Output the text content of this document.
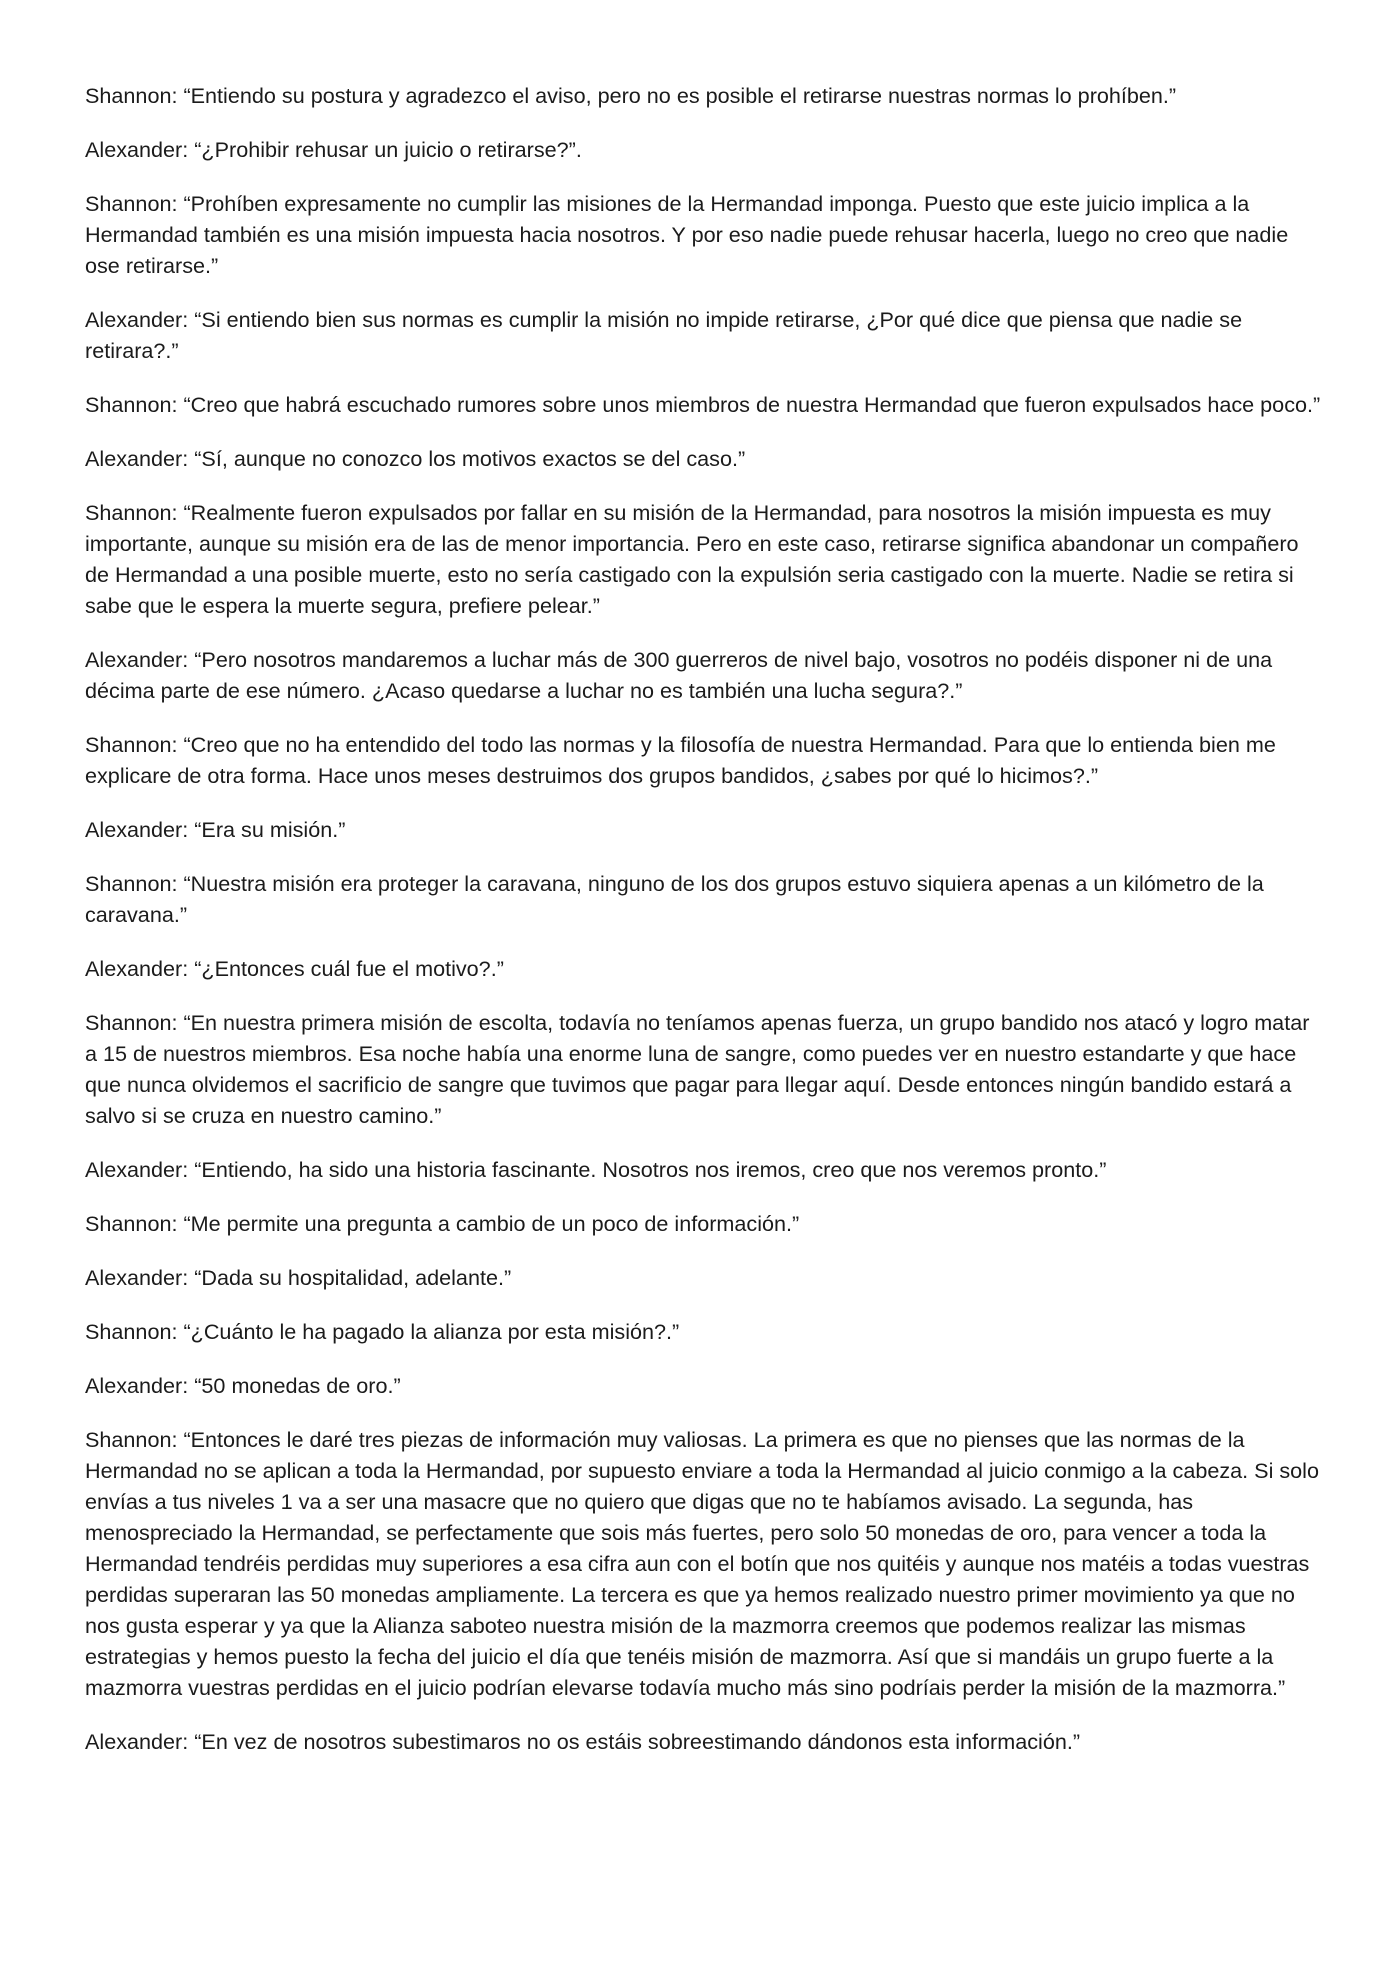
Shannon: “Entiendo su postura y agradezco el aviso, pero no es posible el retirarse nuestras normas lo prohíben.”

Alexander: “¿Prohibir rehusar un juicio o retirarse?”.

Shannon: “Prohíben expresamente no cumplir las misiones de la Hermandad imponga. Puesto que este juicio implica a la Hermandad también es una misión impuesta hacia nosotros. Y por eso nadie puede rehusar hacerla, luego no creo que nadie ose retirarse.”

Alexander: “Si entiendo bien sus normas es cumplir la misión no impide retirarse, ¿Por qué dice que piensa que nadie se retirara?.”

Shannon: “Creo que habrá escuchado rumores sobre unos miembros de nuestra Hermandad que fueron expulsados hace poco.”

Alexander: “Sí, aunque no conozco los motivos exactos se del caso.”

Shannon: “Realmente fueron expulsados por fallar en su misión de la Hermandad, para nosotros la misión impuesta es muy importante, aunque su misión era de las de menor importancia. Pero en este caso, retirarse significa abandonar un compañero de Hermandad a una posible muerte, esto no sería castigado con la expulsión seria castigado con la muerte. Nadie se retira si sabe que le espera la muerte segura, prefiere pelear.”

Alexander: “Pero nosotros mandaremos a luchar más de 300 guerreros de nivel bajo, vosotros no podéis disponer ni de una décima parte de ese número. ¿Acaso quedarse a luchar no es también una lucha segura?.”

Shannon: “Creo que no ha entendido del todo las normas y la filosofía de nuestra Hermandad. Para que lo entienda bien me explicare de otra forma. Hace unos meses destruimos dos grupos bandidos, ¿sabes por qué lo hicimos?.”

Alexander: “Era su misión.”

Shannon: “Nuestra misión era proteger la caravana, ninguno de los dos grupos estuvo siquiera apenas a un kilómetro de la caravana.”

Alexander: “¿Entonces cuál fue el motivo?.”

Shannon: “En nuestra primera misión de escolta, todavía no teníamos apenas fuerza, un grupo bandido nos atacó y logro matar a 15 de nuestros miembros. Esa noche había una enorme luna de sangre, como puedes ver en nuestro estandarte y que hace que nunca olvidemos el sacrificio de sangre que tuvimos que pagar para llegar aquí. Desde entonces ningún bandido estará a salvo si se cruza en nuestro camino.”

Alexander: “Entiendo, ha sido una historia fascinante. Nosotros nos iremos, creo que nos veremos pronto.”

Shannon: “Me permite una pregunta a cambio de un poco de información.”

Alexander: “Dada su hospitalidad, adelante.”

Shannon: “¿Cuánto le ha pagado la alianza por esta misión?.”

Alexander: “50 monedas de oro.”

Shannon: “Entonces le daré tres piezas de información muy valiosas. La primera es que no pienses que las normas de la Hermandad no se aplican a toda la Hermandad, por supuesto enviare a toda la Hermandad al juicio conmigo a la cabeza. Si solo envías a tus niveles 1 va a ser una masacre que no quiero que digas que no te habíamos avisado. La segunda, has menospreciado la Hermandad, se perfectamente que sois más fuertes, pero solo 50 monedas de oro, para vencer a toda la Hermandad tendréis perdidas muy superiores a esa cifra aun con el botín que nos quitéis y aunque nos matéis a todas vuestras perdidas superaran las 50 monedas ampliamente. La tercera es que ya hemos realizado nuestro primer movimiento ya que no nos gusta esperar y ya que la Alianza saboteo nuestra misión de la mazmorra creemos que podemos realizar las mismas estrategias y hemos puesto la fecha del juicio el día que tenéis misión de mazmorra. Así que si mandáis un grupo fuerte a la mazmorra vuestras perdidas en el juicio podrían elevarse todavía mucho más sino podríais perder la misión de la mazmorra.”

Alexander: “En vez de nosotros subestimaros no os estáis sobreestimando dándonos esta información.”
